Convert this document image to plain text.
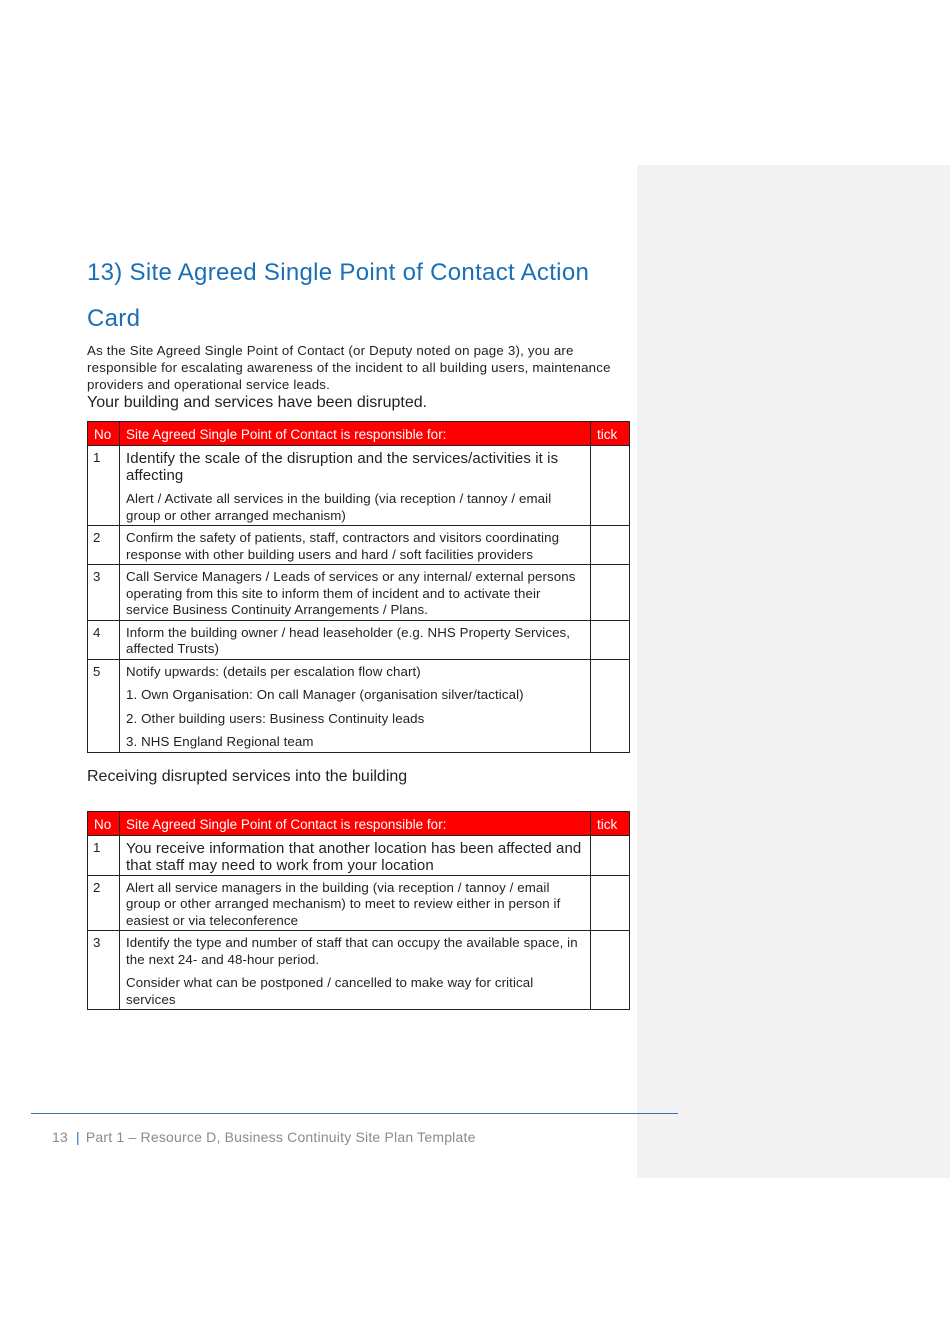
13) Site Agreed Single Point of Contact Action
Card

As the Site Agreed Single Point of Contact (or Deputy noted on page 3), you are responsible for escalating awareness of the incident to all building users, maintenance providers and operational service leads.

Your building and services have been disrupted.

No	Site Agreed Single Point of Contact is responsible for:	tick
1	Identify the scale of the disruption and the services/activities it is affecting

Alert / Activate all services in the building (via reception / tannoy / email group or other arranged mechanism)	

2	Confirm the safety of patients, staff, contractors and visitors coordinating response with other building users and hard / soft facilities providers	

3	Call Service Managers / Leads of services or any internal/ external persons operating from this site to inform them of incident and to activate their service Business Continuity Arrangements / Plans.	

4	Inform the building owner / head leaseholder (e.g. NHS Property Services, affected Trusts)	

5	Notify upwards: (details per escalation flow chart)

1. Own Organisation: On call Manager (organisation silver/tactical)

2. Other building users: Business Continuity leads

3. NHS England Regional team	

Receiving disrupted services into the building

No	Site Agreed Single Point of Contact is responsible for:	tick
1	You receive information that another location has been affected and that staff may need to work from your location	

2	Alert all service managers in the building (via reception / tannoy / email group or other arranged mechanism) to meet to review either in person if easiest or via teleconference	

3	Identify the type and number of staff that can occupy the available space, in the next 24- and 48-hour period.

Consider what can be postponed / cancelled to make way for critical services	

13 | Part 1 – Resource D, Business Continuity Site Plan Template
